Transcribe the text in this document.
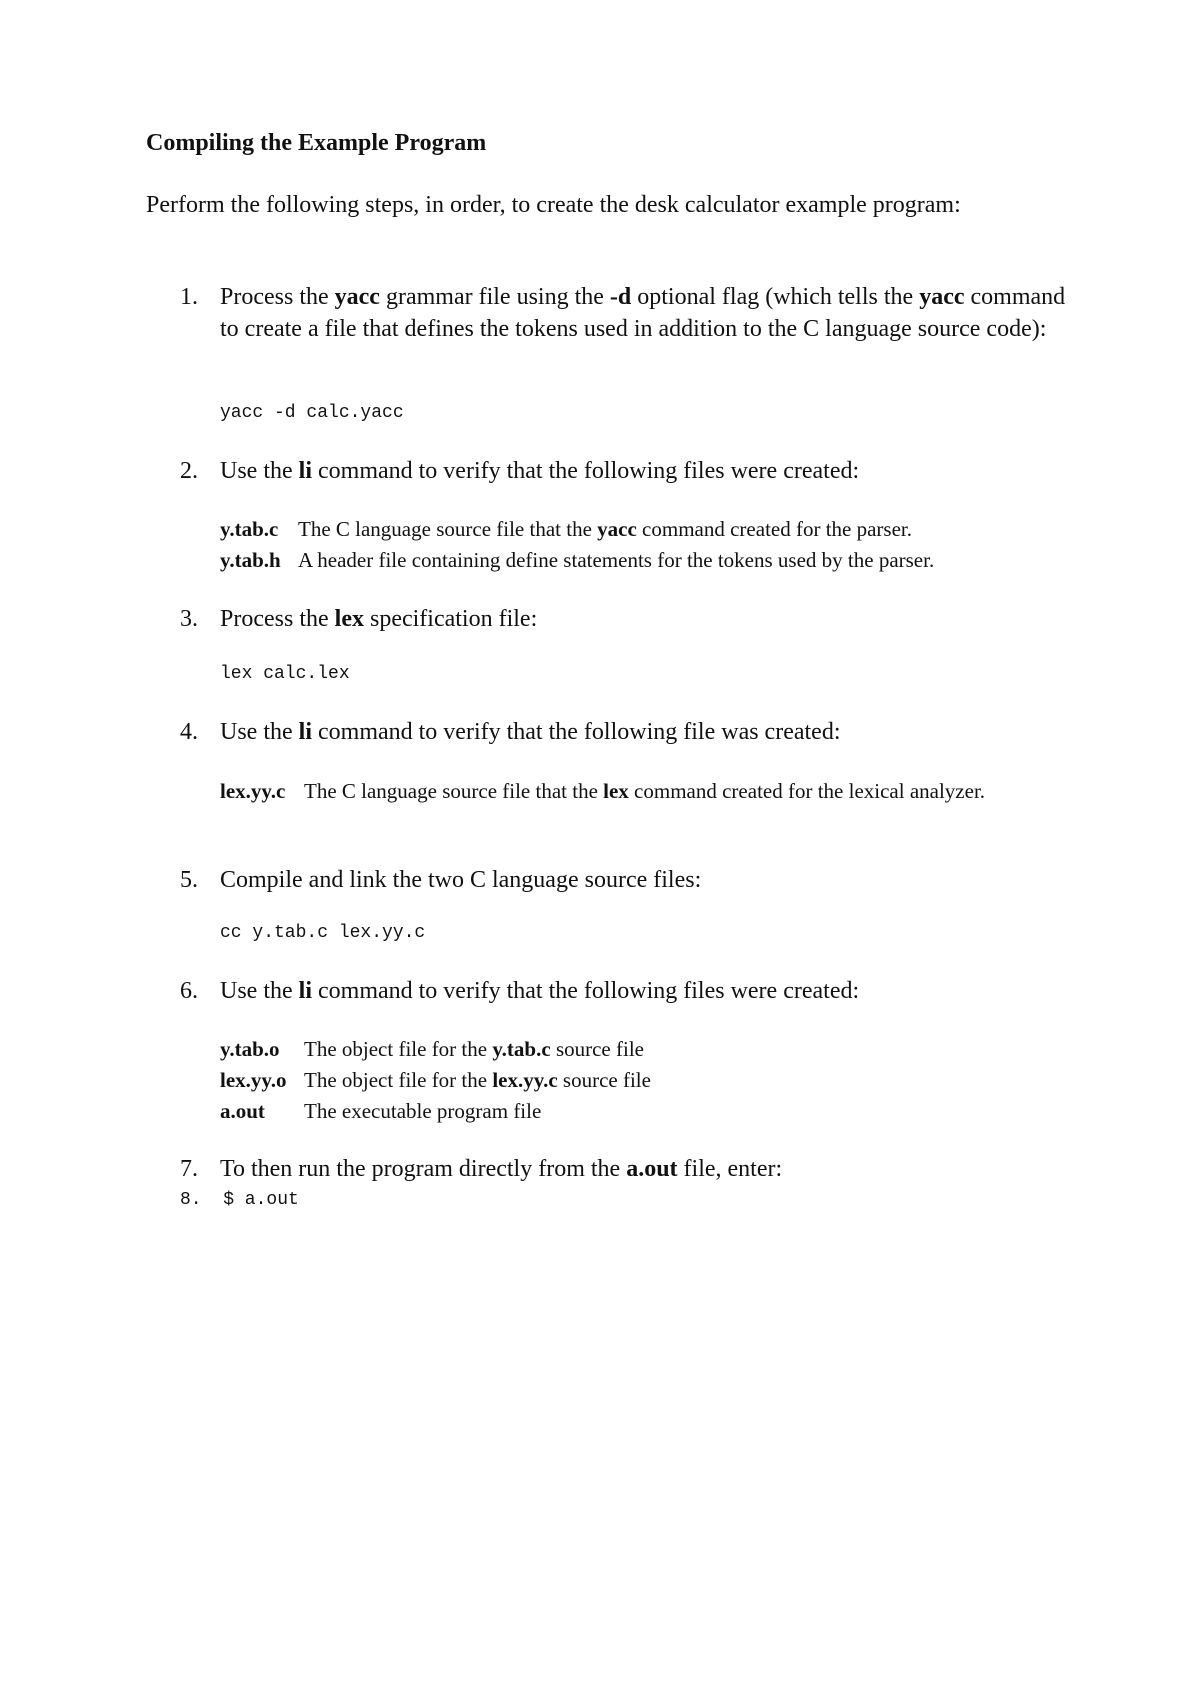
Compiling the Example Program
Perform the following steps, in order, to create the desk calculator example program:
1. Process the yacc grammar file using the -d optional flag (which tells the yacc command to create a file that defines the tokens used in addition to the C language source code):
yacc -d calc.yacc
2. Use the li command to verify that the following files were created:
y.tab.c The C language source file that the yacc command created for the parser.
y.tab.h A header file containing define statements for the tokens used by the parser.
3. Process the lex specification file:
lex calc.lex
4. Use the li command to verify that the following file was created:
lex.yy.c The C language source file that the lex command created for the lexical analyzer.
5. Compile and link the two C language source files:
cc y.tab.c lex.yy.c
6. Use the li command to verify that the following files were created:
y.tab.o The object file for the y.tab.c source file
lex.yy.o The object file for the lex.yy.c source file
a.out The executable program file
7. To then run the program directly from the a.out file, enter:
8.  $ a.out
